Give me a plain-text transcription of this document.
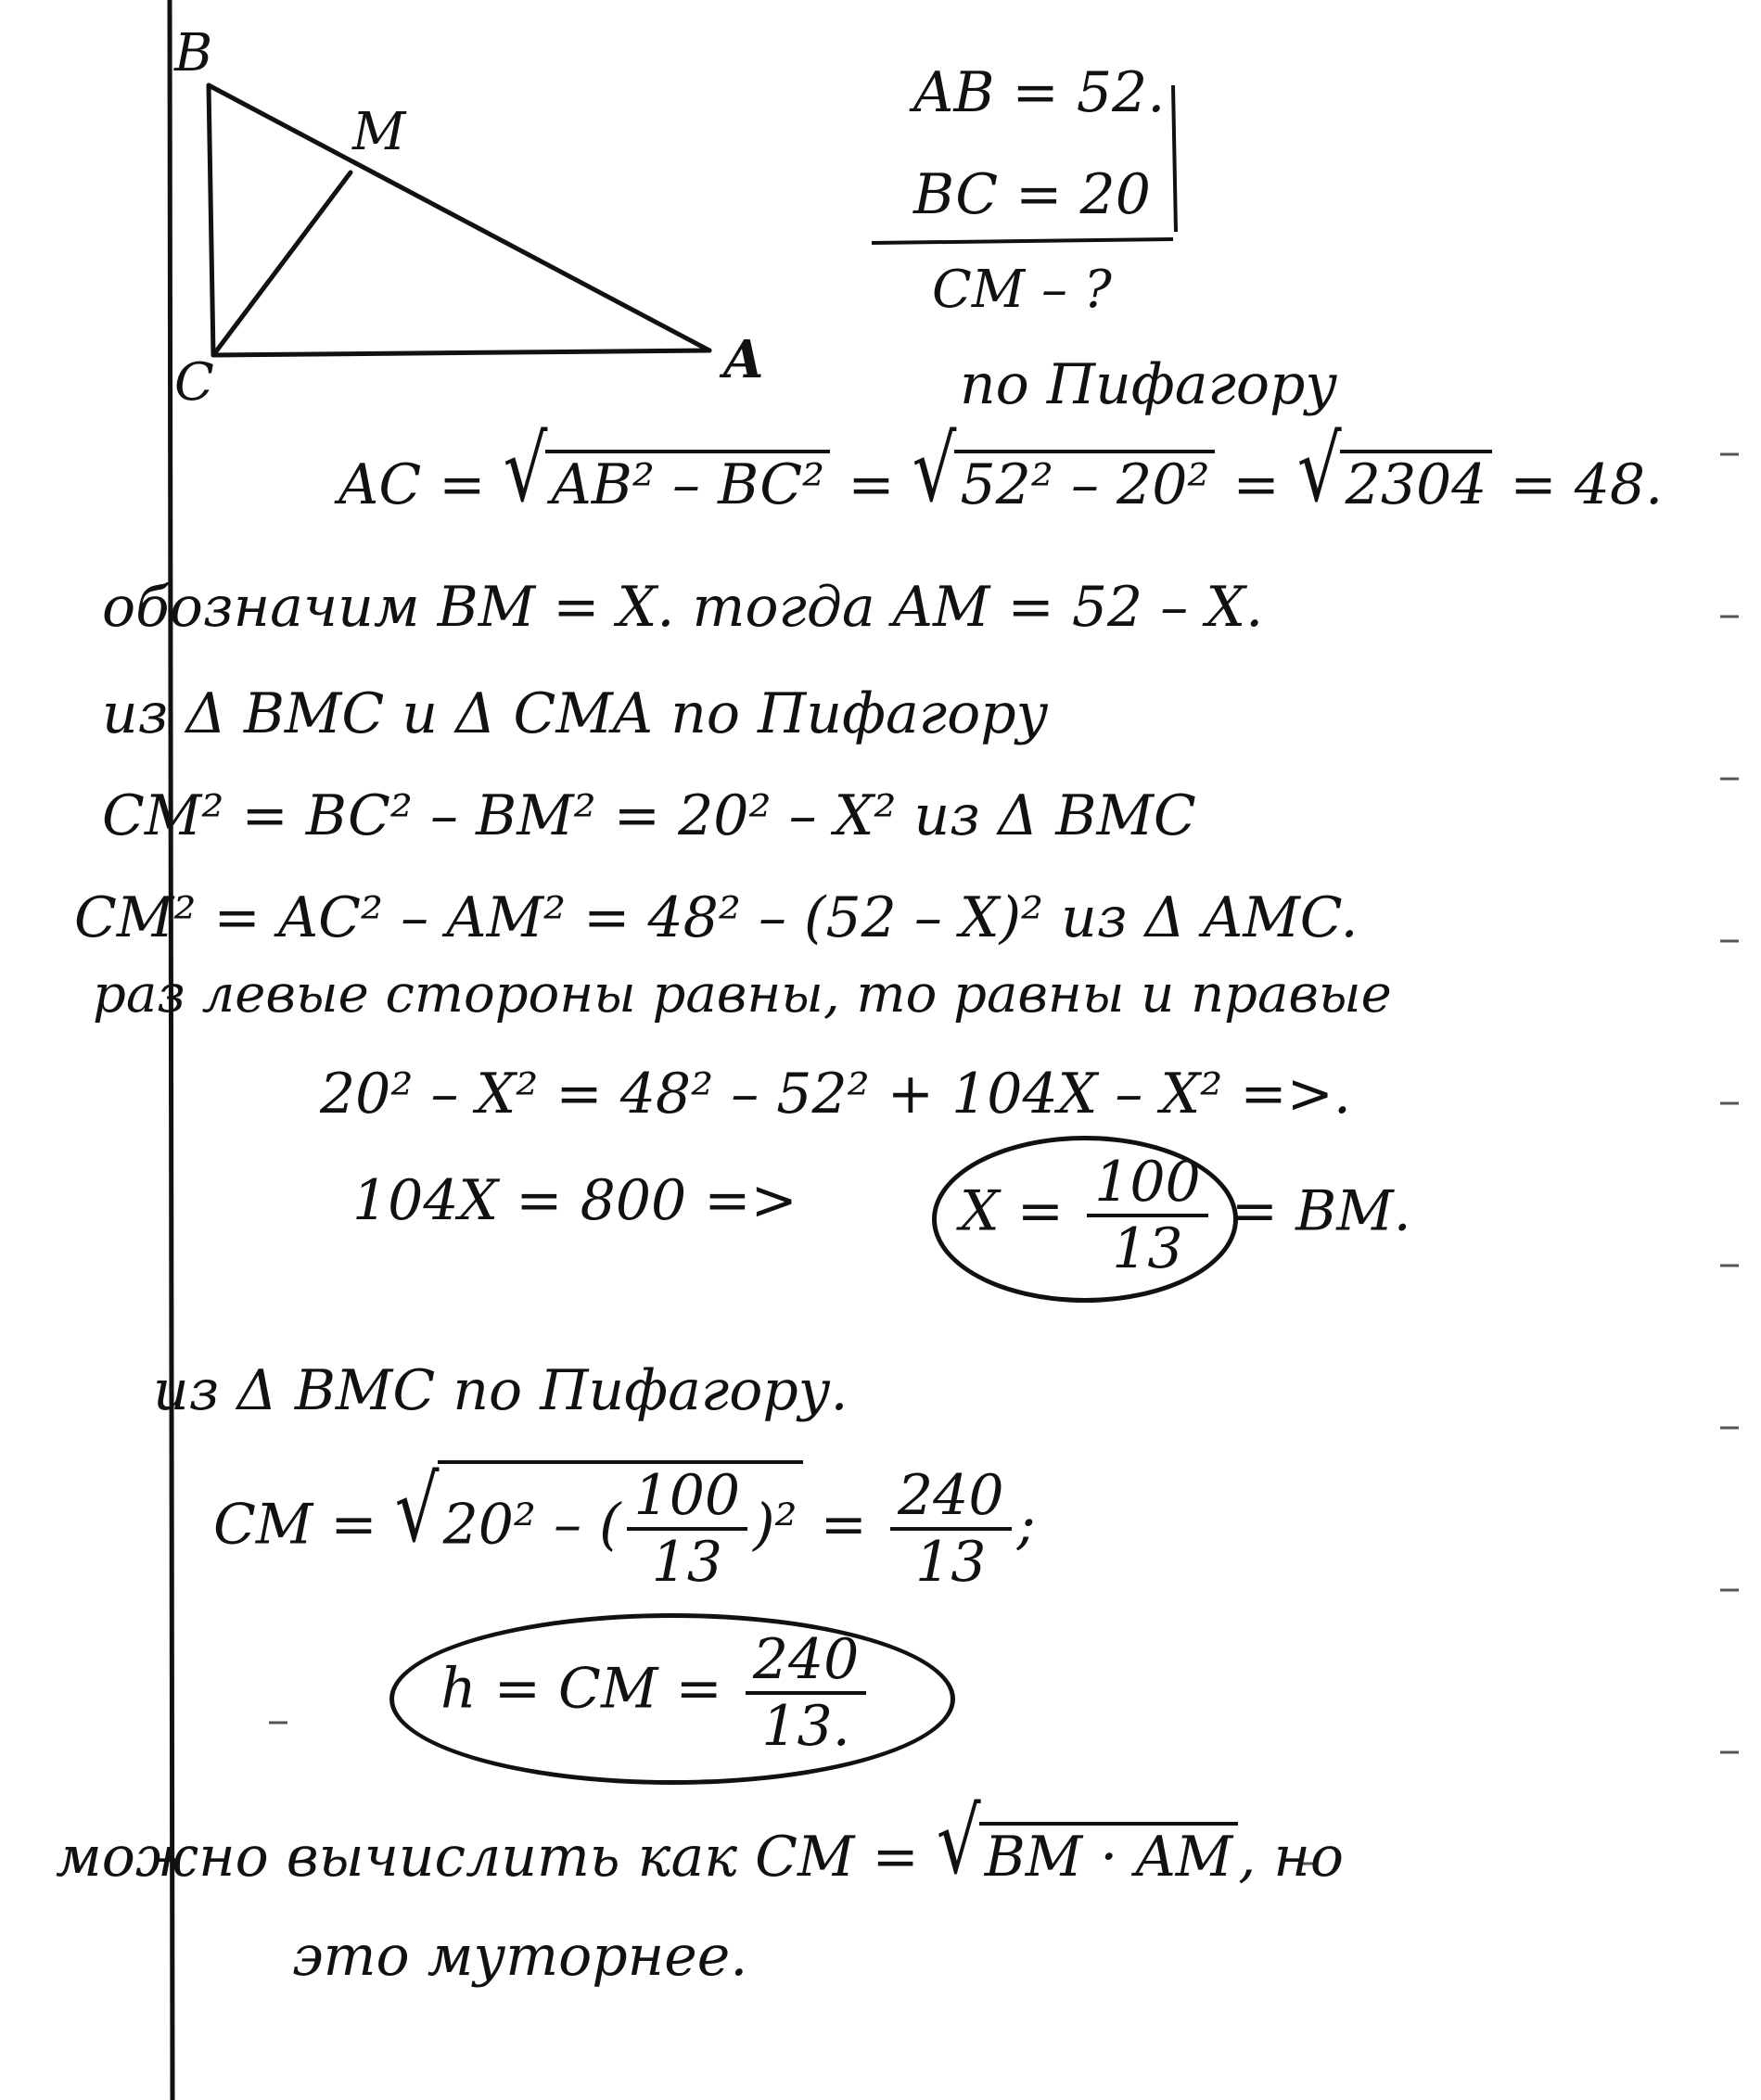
B
M
C	A
AB = 52.
BC = 20
CM – ?
по Пифагору
AC = √AB² – BC² = √52² – 20² = √2304 = 48.
обозначим BM = X. тогда AM = 52 – X.
из Δ BMC и Δ CMA по Пифагору
CM² = BC² – BM² = 20² – X² из Δ BMC
CM² = AC² – AM² = 48² – (52 – X)² из Δ AMC.
раз левые стороны равны, то равны и правые
20² – X² = 48² – 52² + 104X – X² =>.
104X = 800 =>	$X = \frac{100}{13}$ = BM.
из Δ BMC по Пифагору.
CM = √20² – ( $\frac{100}{13} )^2 = \frac{240}{13}$ ;
h = CM = $\frac{240}{13.}$
можно вычислить как CM = √BM · AM , но
это муторнее.
